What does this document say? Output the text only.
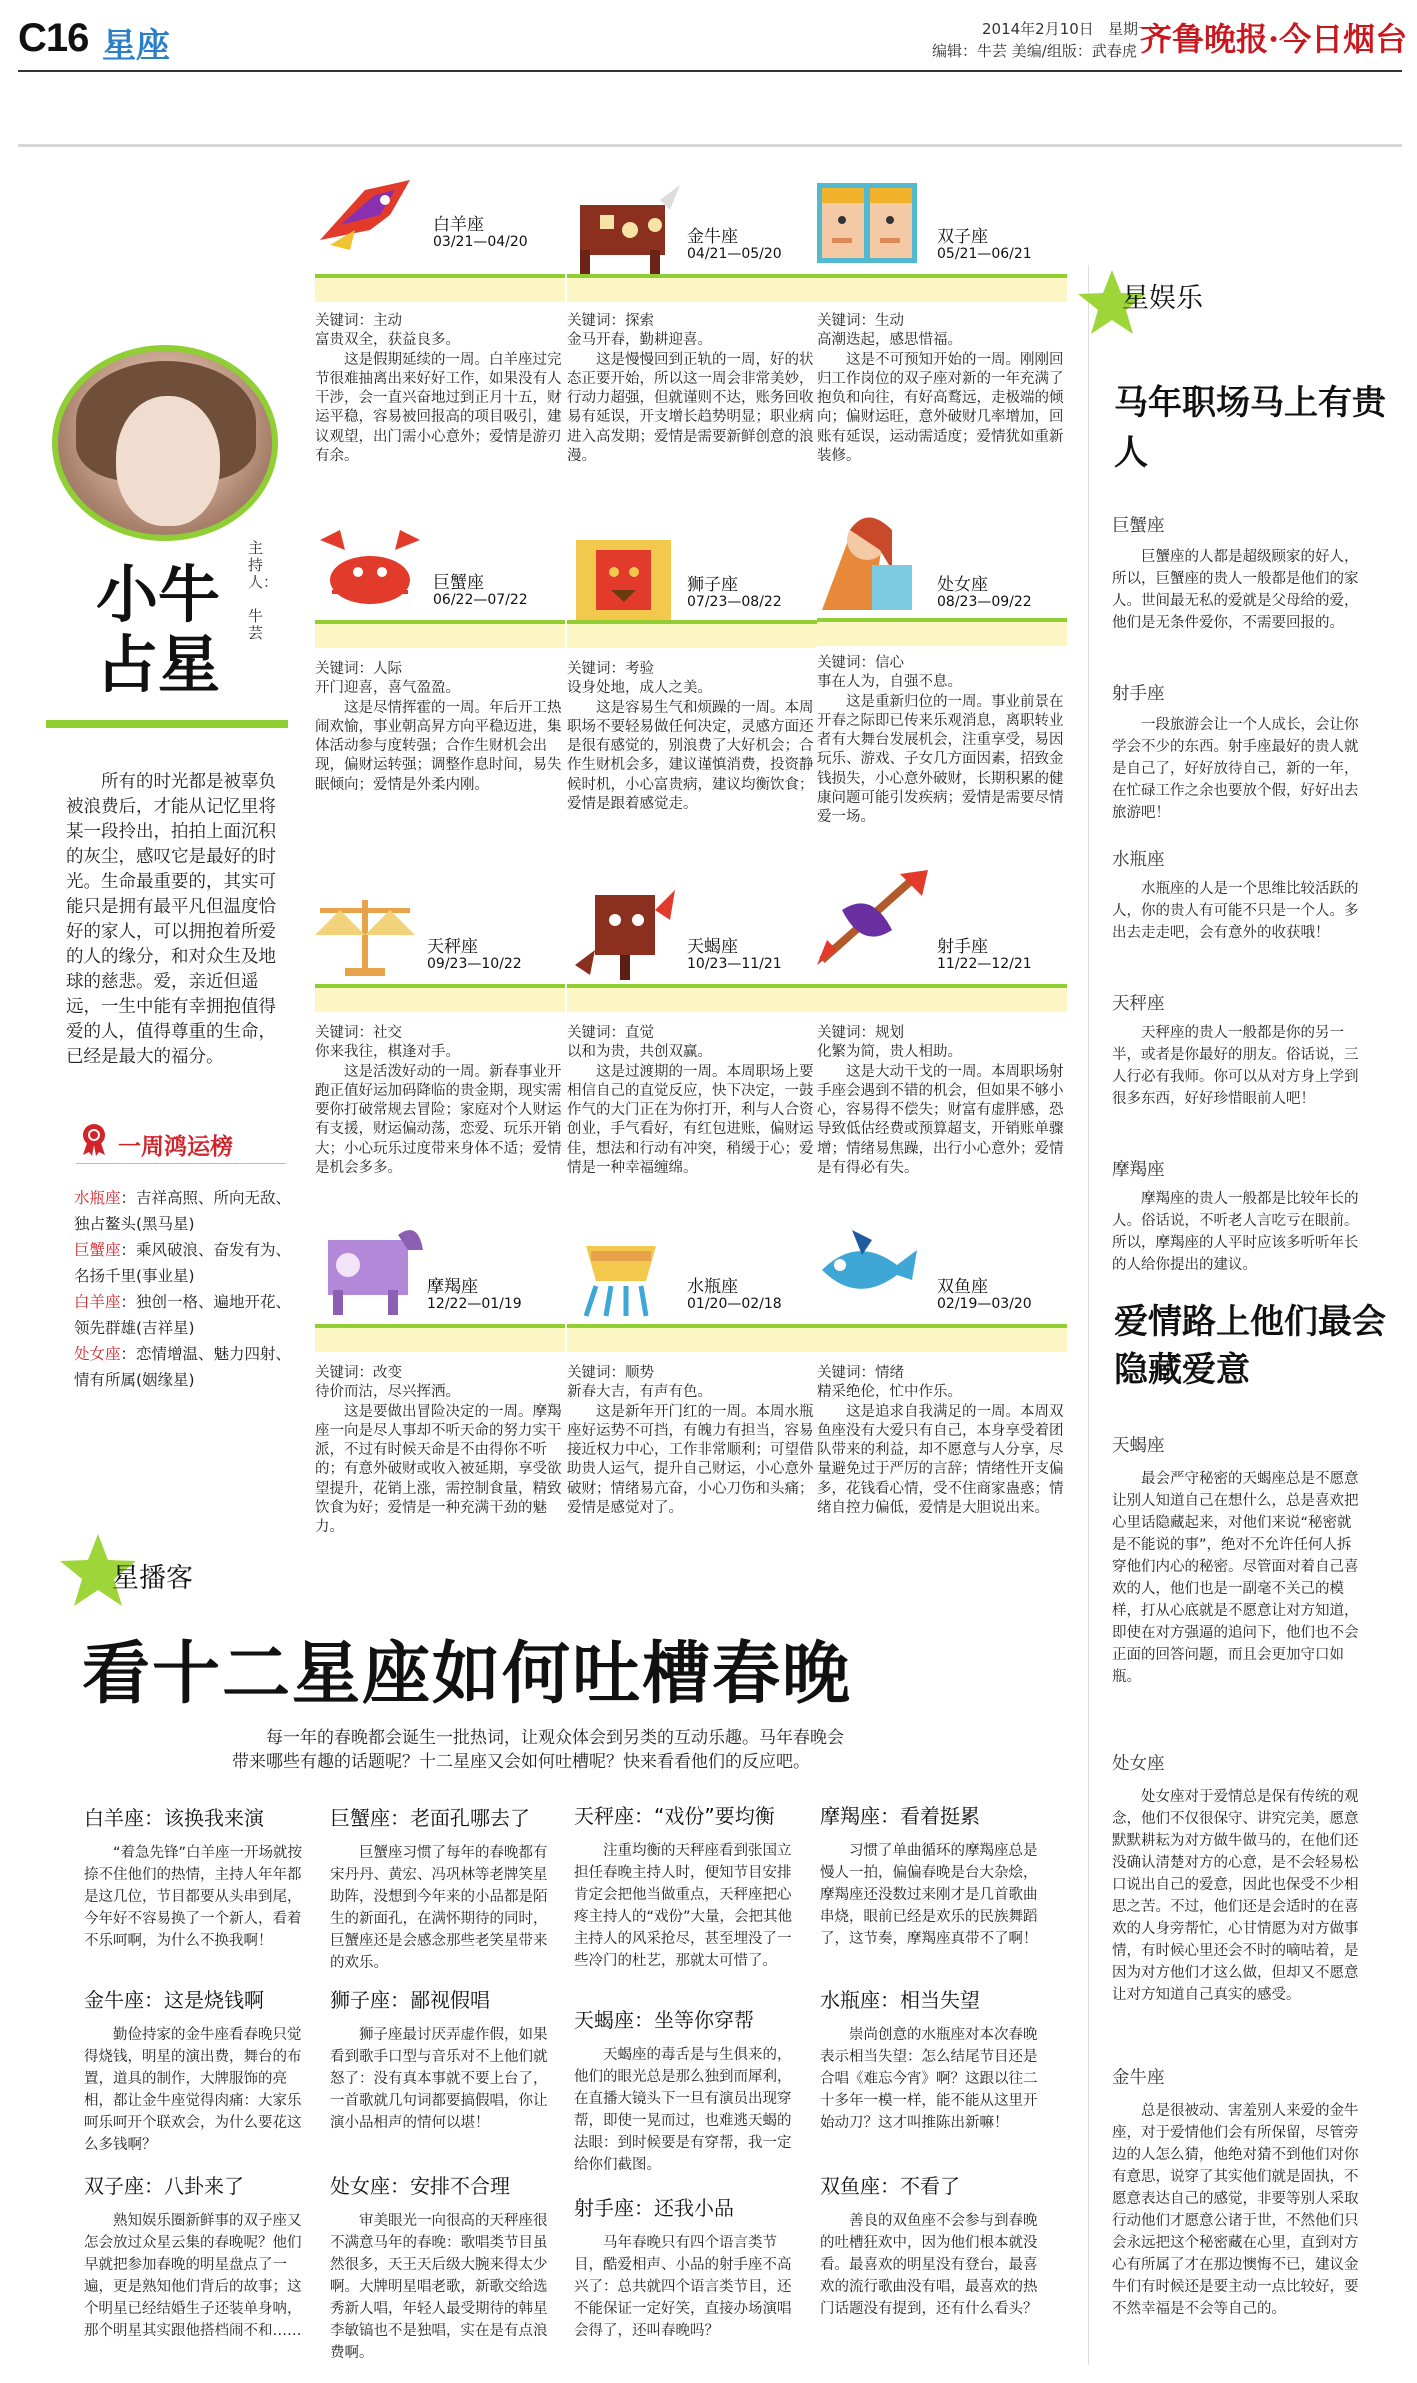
C16 星座	2014年2月10日 星期一
编辑：牛芸 美编/组版：武春虎 齐鲁晚报·今日烟台
小牛占星
主持人：
牛芸
所有的时光都是被辜负被浪费后，才能从记忆里将某一段拎出，拍拍上面沉积的灰尘，感叹它是最好的时光。生命最重要的，其实可能只是拥有最平凡但温度恰好的家人，可以拥抱着所爱的人的缘分，和对众生及地球的慈悲。爱，亲近但遥远，一生中能有幸拥抱值得爱的人，值得尊重的生命，已经是最大的福分。
一周鸿运榜
水瓶座：吉祥高照、所向无敌、独占鳌头(黑马星)
巨蟹座：乘风破浪、奋发有为、名扬千里(事业星)
白羊座：独创一格、遍地开花、领先群雄(吉祥星)
处女座：恋情增温、魅力四射、情有所属(姻缘星)
白羊座
03/21—04/20

关键词：主动

富贵双全，获益良多。

这是假期延续的一周。白羊座过完节很难抽离出来好好工作，如果没有人干涉，会一直兴奋地过到正月十五，财运平稳，容易被回报高的项目吸引，建议观望，出门需小心意外；爱情是游刃有余。

金牛座
04/21—05/20

关键词：探索

金马开春，勤耕迎喜。

这是慢慢回到正轨的一周，好的状态正要开始，所以这一周会非常美妙，行动力超强，但就谨则不达，账务回收易有延误，开支增长趋势明显；职业病进入高发期；爱情是需要新鲜创意的浪漫。

双子座
05/21—06/21

关键词：生动

高潮迭起，感思惜福。

这是不可预知开始的一周。刚刚回归工作岗位的双子座对新的一年充满了抱负和向往，有好高鹜远，走极端的倾向；偏财运旺，意外破财几率增加，回账有延误，运动需适度；爱情犹如重新装修。

巨蟹座
06/22—07/22

关键词：人际

开门迎喜，喜气盈盈。

这是尽情挥霍的一周。年后开工热闹欢愉，事业朝高昇方向平稳迈进，集体活动参与度转强；合作生财机会出现，偏财运转强；调整作息时间，易失眠倾向；爱情是外柔内刚。

狮子座
07/23—08/22

关键词：考验

设身处地，成人之美。

这是容易生气和烦躁的一周。本周职场不要轻易做任何决定，灵感方面还是很有感觉的，别浪费了大好机会；合作生财机会多，建议谨慎消费，投资静候时机，小心富贵病，建议均衡饮食；爱情是跟着感觉走。

处女座
08/23—09/22

关键词：信心

事在人为，自强不息。

这是重新归位的一周。事业前景在开春之际即已传来乐观消息，离职转业者有大舞台发展机会，注重享受，易因玩乐、游戏、子女几方面因素，招致金钱损失，小心意外破财，长期积累的健康问题可能引发疾病；爱情是需要尽情爱一场。

天秤座
09/23—10/22

关键词：社交

你来我往，棋逢对手。

这是活泼好动的一周。新春事业开跑正值好运加码降临的贵金期，现实需要你打破常规去冒险；家庭对个人财运有支援，财运偏动荡，恋爱、玩乐开销大；小心玩乐过度带来身体不适；爱情是机会多多。

天蝎座
10/23—11/21

关键词：直觉

以和为贵，共创双赢。

这是过渡期的一周。本周职场上要相信自己的直觉反应，快下决定，一鼓作气的大门正在为你打开，利与人合资创业，手气看好，有红包进账，偏财运佳，想法和行动有冲突，稍缓于心；爱情是一种幸福缠绵。

射手座
11/22—12/21

关键词：规划

化繁为简，贵人相助。

这是大动干戈的一周。本周职场射手座会遇到不错的机会，但如果不够小心，容易得不偿失；财富有虚胖感，恐导致低估经费或预算超支，开销账单骤增；情绪易焦躁，出行小心意外；爱情是有得必有失。

摩羯座
12/22—01/19

关键词：改变

待价而沽，尽兴挥洒。

这是要做出冒险决定的一周。摩羯座一向是尽人事却不听天命的努力实干派，不过有时候天命是不由得你不听的；有意外破财或收入被延期，享受欲望提升，花销上涨，需控制食量，精致饮食为好；爱情是一种充满干劲的魅力。

水瓶座
01/20—02/18

关键词：顺势

新春大吉，有声有色。

这是新年开门红的一周。本周水瓶座好运势不可挡，有魄力有担当，容易接近权力中心，工作非常顺利；可望借助贵人运气，提升自己财运，小心意外破财；情绪易亢奋，小心刀伤和头痛；爱情是感觉对了。

双鱼座
02/19—03/20

关键词：情绪

精采绝伦，忙中作乐。

这是追求自我满足的一周。本周双鱼座没有大爱只有自己，本身享受着团队带来的利益，却不愿意与人分享，尽量避免过于严厉的言辞；情绪性开支偏多，花钱看心情，受不住商家蛊惑；情绪自控力偏低，爱情是大胆说出来。

星娱乐
马年职场马上有贵人
巨蟹座
巨蟹座的人都是超级顾家的好人，所以，巨蟹座的贵人一般都是他们的家人。世间最无私的爱就是父母给的爱，他们是无条件爱你，不需要回报的。
射手座
一段旅游会让一个人成长，会让你学会不少的东西。射手座最好的贵人就是自己了，好好放待自己，新的一年，在忙碌工作之余也要放个假，好好出去旅游吧！
水瓶座
水瓶座的人是一个思维比较活跃的人，你的贵人有可能不只是一个人。多出去走走吧，会有意外的收获哦！
天秤座
天秤座的贵人一般都是你的另一半，或者是你最好的朋友。俗话说，三人行必有我师。你可以从对方身上学到很多东西，好好珍惜眼前人吧！
摩羯座
摩羯座的贵人一般都是比较年长的人。俗话说，不听老人言吃亏在眼前。所以，摩羯座的人平时应该多听听年长的人给你提出的建议。
爱情路上他们最会隐藏爱意
天蝎座
最会严守秘密的天蝎座总是不愿意让别人知道自己在想什么，总是喜欢把心里话隐藏起来，对他们来说“秘密就是不能说的事”，绝对不允许任何人拆穿他们内心的秘密。尽管面对着自己喜欢的人，他们也是一副毫不关己的模样，打从心底就是不愿意让对方知道，即使在对方强逼的追问下，他们也不会正面的回答问题，而且会更加守口如瓶。
处女座
处女座对于爱情总是保有传统的观念，他们不仅很保守、讲究完美，愿意默默耕耘为对方做牛做马的，在他们还没确认清楚对方的心意，是不会轻易松口说出自己的爱意，因此也保受不少相思之苦。不过，他们还是会适时的在喜欢的人身旁帮忙，心甘情愿为对方做事情，有时候心里还会不时的嘀咕着，是因为对方他们才这么做，但却又不愿意让对方知道自己真实的感受。
金牛座
总是很被动、害羞别人来爱的金牛座，对于爱情他们会有所保留，尽管旁边的人怎么猜，他绝对猜不到他们对你有意思，说穿了其实他们就是固执，不愿意表达自己的感觉，非要等别人采取行动他们才愿意公诸于世，不然他们只会永远把这个秘密藏在心里，直到对方心有所属了才在那边懊悔不已，建议金牛们有时候还是要主动一点比较好，要不然幸福是不会等自己的。
星播客
看十二星座如何吐槽春晚
每一年的春晚都会诞生一批热词，让观众体会到另类的互动乐趣。马年春晚会带来哪些有趣的话题呢？十二星座又会如何吐槽呢？快来看看他们的反应吧。
白羊座：该换我来演
“着急先锋”白羊座一开场就按捺不住他们的热情，主持人年年都是这几位，节目都要从头串到尾，今年好不容易换了一个新人，看着不乐呵啊，为什么不换我啊！
金牛座：这是烧钱啊
勤俭持家的金牛座看春晚只觉得烧钱，明星的演出费，舞台的布置，道具的制作，大牌服饰的亮相，都让金牛座觉得肉痛：大家乐呵乐呵开个联欢会，为什么要花这么多钱啊？
双子座：八卦来了
熟知娱乐圈新鲜事的双子座又怎会放过众星云集的春晚呢？他们早就把参加春晚的明星盘点了一遍，更是熟知他们背后的故事；这个明星已经结婚生子还装单身呐，那个明星其实跟他搭档闹不和……
巨蟹座：老面孔哪去了
巨蟹座习惯了每年的春晚都有宋丹丹、黄宏、冯巩林等老牌笑星助阵，没想到今年来的小品都是陌生的新面孔，在满怀期待的同时，巨蟹座还是会感念那些老笑星带来的欢乐。
狮子座：鄙视假唱
狮子座最讨厌弄虚作假，如果看到歌手口型与音乐对不上他们就怒了：没有真本事就不要上台了，一首歌就几句词都要搞假唱，你让演小品相声的情何以堪！
处女座：安排不合理
审美眼光一向很高的天秤座很不满意马年的春晚：歌唱类节目虽然很多，天王天后级大腕来得太少啊。大牌明星唱老歌，新歌交给选秀新人唱，年轻人最受期待的韩星李敏镐也不是独唱，实在是有点浪费啊。
天秤座：“戏份”要均衡
注重均衡的天秤座看到张国立担任春晚主持人时，便知节目安排肯定会把他当做重点，天秤座把心疼主持人的“戏份”大量，会把其他主持人的风采抢尽，甚至埋没了一些冷门的杜艺，那就太可惜了。
天蝎座：坐等你穿帮
天蝎座的毒舌是与生俱来的，他们的眼光总是那么独到而犀利，在直播大镜头下一旦有演员出现穿帮，即使一晃而过，也难逃天蝎的法眼：到时候要是有穿帮，我一定给你们截图。
射手座：还我小品
马年春晚只有四个语言类节目，酷爱相声、小品的射手座不高兴了：总共就四个语言类节目，还不能保证一定好笑，直接办场演唱会得了，还叫春晚吗？
摩羯座：看着挺累
习惯了单曲循环的摩羯座总是慢人一拍，偏偏春晚是台大杂烩，摩羯座还没数过来刚才是几首歌曲串烧，眼前已经是欢乐的民族舞蹈了，这节奏，摩羯座真带不了啊！
水瓶座：相当失望
崇尚创意的水瓶座对本次春晚表示相当失望：怎么结尾节目还是合唱《难忘今宵》啊？这跟以往二十多年一模一样，能不能从这里开始动刀？这才叫推陈出新嘛！
双鱼座：不看了
善良的双鱼座不会参与到春晚的吐槽狂欢中，因为他们根本就没看。最喜欢的明星没有登台，最喜欢的流行歌曲没有唱，最喜欢的热门话题没有提到，还有什么看头？
